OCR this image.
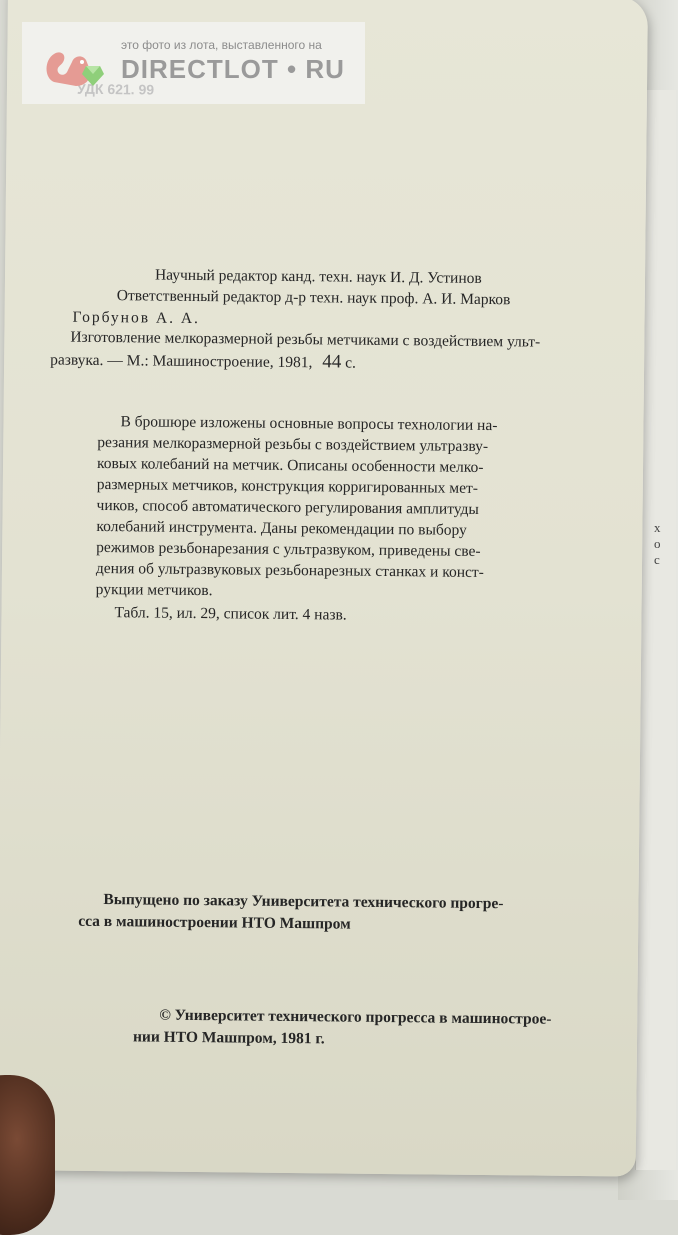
Научный редактор канд. техн. наук И. Д. Устинов
Ответственный редактор д-р техн. наук проф. А. И. Марков
Горбунов А. А.
Изготовление мелкоразмерной резьбы метчиками с воздействием ульт-
развука. — М.: Машиностроение, 1981, 44 с.
В брошюре изложены основные вопросы технологии на-
резания мелкоразмерной резьбы с воздействием ультразву-
ковых колебаний на метчик. Описаны особенности мелко-
размерных метчиков, конструкция корригированных мет-
чиков, способ автоматического регулирования амплитуды
колебаний инструмента. Даны рекомендации по выбору
режимов резьбонарезания с ультразвуком, приведены све-
дения об ультразвуковых резьбонарезных станках и конст-
рукции метчиков.
Табл. 15, ил. 29, список лит. 4 назв.
Выпущено по заказу Университета технического прогре-
сса в машиностроении НТО Машпром
© Университет технического прогресса в машинострое-
нии НТО Машпром, 1981 г.
х
о
с
это фото из лота, выставленного на
DIRECTLOT • RU
